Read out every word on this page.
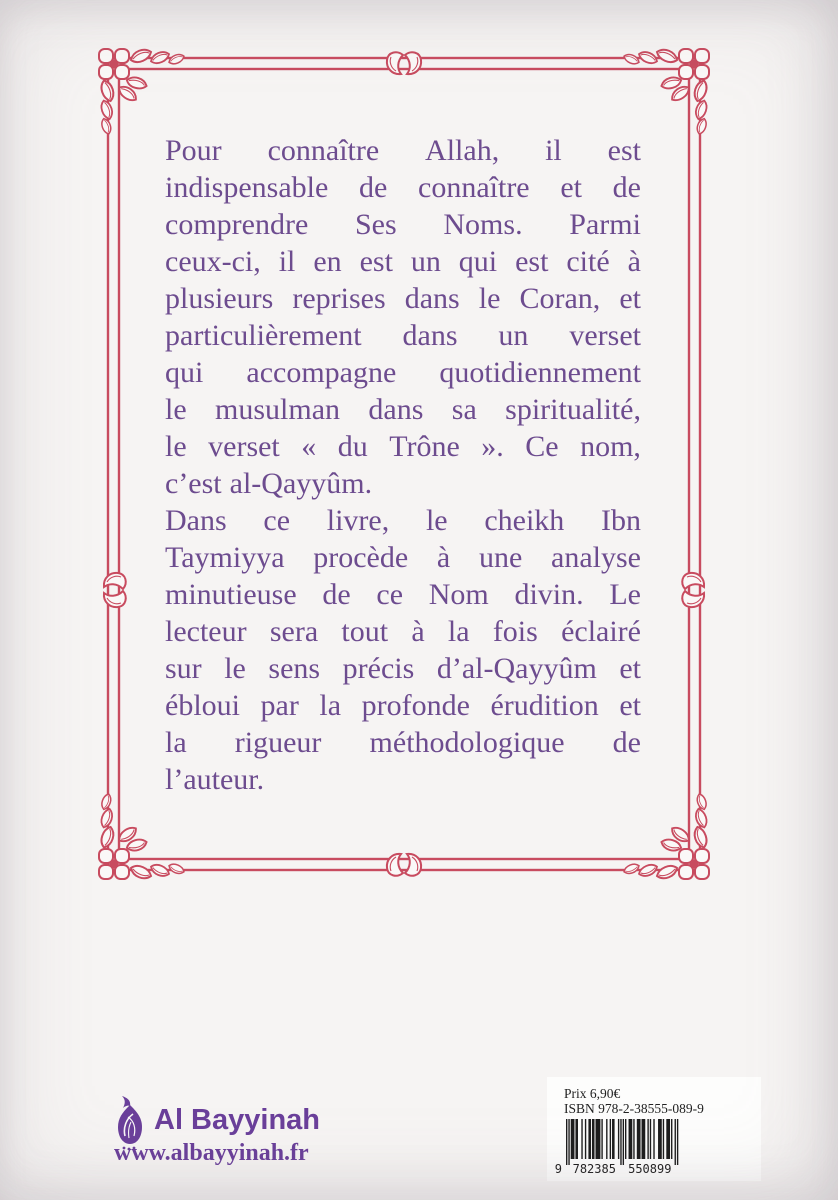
Pour connaître Allah, il est
indispensable de connaître et de
comprendre Ses Noms. Parmi
ceux-ci, il en est un qui est cité à
plusieurs reprises dans le Coran, et
particulièrement dans un verset
qui accompagne quotidiennement
le musulman dans sa spiritualité,
le verset « du Trône ». Ce nom,
c’est al-Qayyûm.
Dans ce livre, le cheikh Ibn
Taymiyya procède à une analyse
minutieuse de ce Nom divin. Le
lecteur sera tout à la fois éclairé
sur le sens précis d’al-Qayyûm et
ébloui par la profonde érudition et
la rigueur méthodologique de
l’auteur.
Al Bayyinah
www.albayyinah.fr
Prix 6,90€
ISBN 978-2-38555-089-9
9 782385 550899
